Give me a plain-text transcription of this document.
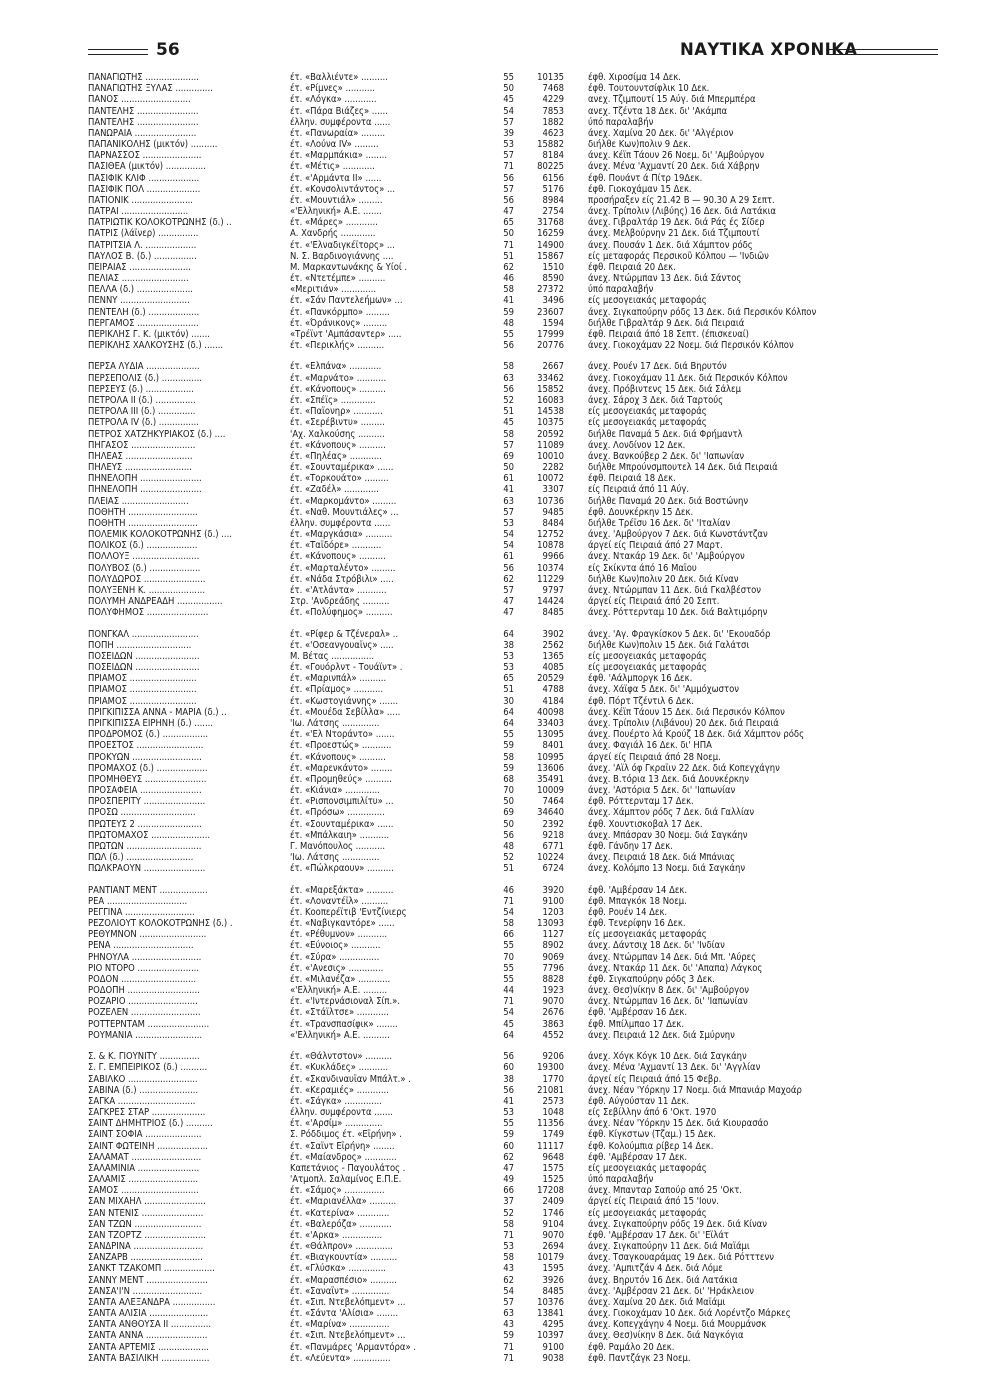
56	ΝΑΥΤΙΚΑ ΧΡΟΝΙΚΑ
ΠΑΝΑΓΙΩΤΗΣ ....................	έτ. «Βαλλιέντε» ..........	55	10135	έφθ. Χιροσίμα 14 Δεκ.
ΠΑΝΑΓΙΩΤΗΣ ΞΥΛΑΣ ..............	έτ. «Ρίμνες» ...........	50	7468	έφθ. Τουτουντσίφλικ 10 Δεκ.
ΠΑΝΟΣ ..........................	έτ. «Λόγκα» ............	45	4229	ανεχ. Τζιμπουτί 15 Αύγ. διά Μπερμπέρα
ΠΑΝΤΕΛΗΣ .......................	έτ. «Πάρα Βιάζες» ......	54	7853	ανεχ. Τζέντα 18 Δεκ. δι' 'Ακάμπα
ΠΑΝΤΕΛΗΣ .......................	έλλην. συμφέροντα ......	57	1882	ύπό παραλαβήν
ΠΑΝΩΡΑΙΑ .......................	έτ. «Πανωραία» .........	39	4623	άνεχ. Χαμίνα 20 Δεκ. δι' 'Αλγέριον
ΠΑΠΑΝΙΚΟΛΗΣ (μικτόν) ..........	έτ. «Λούνα IV» .........	53	15882	διήλθε Κων)πολιν 9 Δεκ.
ΠΑΡΝΑΣΣΟΣ ......................	έτ. «Μαρμπάκια» ........	57	8184	άνεχ. Κέϊπ Τάουν 26 Νοεμ. δι' 'Αμβούργον
ΠΑΣΙΘΕΑ (μικτόν) ...............	έτ. «Μέτις» ............	71	80225	άνεχ. Μένα 'Αχμαντί 20 Δεκ. διά Χάβρην
ΠΑΣΙΦΙΚ ΚΛΙΦ ...................	έτ. «'Αρμάντα ΙΙ» ......	56	6156	έφθ. Πουάντ ά Πίτρ 19Δεκ.
ΠΑΣΙΦΙΚ ΠΟΛ ....................	έτ. «Κονσολιντάντος» ...	57	5176	έφθ. Γιοκοχάμαν 15 Δεκ.
ΠΑΤΙΟΝΙΚ .......................	έτ. «Μουντιάλ» .........	56	8984	προσήραξεν είς 21.42 Β — 90.30 Α 29 Σεπτ.
ΠΑΤΡΑΙ .........................	«'Ελληνική» Α.Ε. .......	47	2754	άνεχ. Τρίπολιν (Λιβύης) 16 Δεκ. διά Λατάκια
ΠΑΤΡΙΩΤΙΚ ΚΟΛΟΚΟΤΡΩΝΗΣ (δ.) ..	έτ. «Μάρες» ............	65	31768	άνεχ. Γιβραλτάρ 19 Δεκ. διά Ράς ές Σίδερ
ΠΑΤΡΙΣ (λάϊνερ) ...............	Α. Χανδρής .............	50	16259	άνεχ. Μελβούρνην 21 Δεκ. διά Τζιμπουτί
ΠΑΤΡΙΤΣΙΑ Λ. ...................	έτ. «'Ελναδιγκέϊτορς» ...	71	14900	άνεχ. Πουσάν 1 Δεκ. διά Χάμπτον ρόδς
ΠΑΥΛΟΣ Β. (δ.) ................	Ν. Σ. Βαρδινογιάννης ....	51	15867	είς μεταφοράς Περσικοῦ Κόλπου — 'Ινδιῶν
ΠΕΙΡΑΙΑΣ .......................	Μ. Μαρκαντωνάκης & Υίοί .	62	1510	έφθ. Πειραιά 20 Δεκ.
ΠΕΛΙΑΣ .........................	έτ. «Ντετέμπε» ..........	46	8590	άνεχ. Ντώρμπαν 13 Δεκ. διά Σάντος
ΠΕΛΛΑ (δ.) .....................	«Μεριτιάν» .............	58	27372	ύπό παραλαβήν
ΠΕΝΝΥ ..........................	έτ. «Σάν Παντελεήμων» ...	41	3496	είς μεσογειακάς μεταφοράς
ΠΕΝΤΕΛΗ (δ.) ...................	έτ. «Πανκόρμπο» .........	59	23607	άνεχ. Σιγκαπούρην ρόδς 13 Δεκ. διά Περσικόν Κόλπον
ΠΕΡΓΑΜΟΣ .......................	έτ. «Όράνικονς» .........	48	1594	διήλθε Γιβραλτάρ 9 Δεκ. διά Πειραιά
ΠΕΡΙΚΛΗΣ Γ. Κ. (μικτόν) .......	«Τρέϊντ 'Αμπάσαντερ» .....	55	17999	έφθ. Πειραιά άπό 18 Σεπτ. (έπισκευαί)
ΠΕΡΙΚΛΗΣ ΧΑΛΚΟΥΣΗΣ (δ.) .......	έτ. «Περικλής» ..........	56	20776	άνεχ. Γιοκοχάμαν 22 Νοεμ. διά Περσικόν Κόλπον
ΠΕΡΣΑ ΛΥΔΙΑ ....................	έτ. «Ελπάνα» ............	58	2667	άνεχ. Ρουέν 17 Δεκ. διά Βηρυτόν
ΠΕΡΣΕΠΟΛΙΣ (δ.) ...............	έτ. «Μαρνάτο» ...........	63	33462	άνεχ. Γιοκοχάμαν 11 Δεκ. διά Περσικόν Κόλπον
ΠΕΡΣΕΥΣ (δ.) ..................	έτ. «Κάνοπους» ..........	56	15852	άνεχ. Πρόβιντενς 15 Δεκ. διά Σάλεμ
ΠΕΤΡΟΛΑ ΙΙ (δ.) ...............	έτ. «Σπέϊς» .............	52	16083	άνεχ. Σάροχ 3 Δεκ. διά Ταρτούς
ΠΕΤΡΟΛΑ ΙΙΙ (δ.) ..............	έτ. «Παϊονηρ» ...........	51	14538	είς μεσογειακάς μεταφοράς
ΠΕΤΡΟΛΑ ΙV (δ.) ...............	έτ. «Σερέβιντυ» .........	45	10375	είς μεσογειακάς μεταφοράς
ΠΕΤΡΟΣ ΧΑΤΖΗΚΥΡΙΑΚΟΣ (δ.) ....	'Αχ. Χαλκούσης ..........	58	20592	διήλθε Παναμά 5 Δεκ. διά Φρήμαντλ
ΠΗΓΑΣΟΣ ........................	έτ. «Κάνοπους» ..........	57	11089	άνεχ. Λονδίνον 12 Δεκ.
ΠΗΛΕΑΣ .........................	έτ. «Πηλέας» ............	69	10010	άνεχ. Βανκούβερ 2 Δεκ. δι' 'Ιαπωνίαν
ΠΗΛΕΥΣ .........................	έτ. «Σουνταμέρικα» ......	50	2282	διήλθε Μπρούνσμπουτελ 14 Δεκ. διά Πειραιά
ΠΗΝΕΛΟΠΗ .......................	έτ. «Τορκουάτο» .........	61	10072	έφθ. Πειραιά 18 Δεκ.
ΠΗΝΕΛΟΠΗ .......................	έτ. «Ζαδέλ» .............	41	3307	είς Πειραιά άπό 11 Αύγ.
ΠΛΕΙΑΣ .........................	έτ. «Μαρκομάντο» .........	63	10736	διήλθε Παναμά 20 Δεκ. διά Βοστώνην
ΠΟΘΗΤΗ ..........................	έτ. «Ναθ. Μουντιάλες» ...	57	9485	έφθ. Δουνκέρκην 15 Δεκ.
ΠΟΘΗΤΗ ..........................	έλλην. συμφέροντα ......	53	8484	διήλθε Τρέϊσυ 16 Δεκ. δι' 'Ιταλίαν
ΠΟΛΕΜΙΚ ΚΟΛΟΚΟΤΡΩΝΗΣ (δ.) ....	έτ. «Μαργκάσια» ..........	54	12752	άνεχ. 'Αμβούργον 7 Δεκ. διά Κωνστάντζαν
ΠΟΛΙΚΟΣ (δ.) ...................	έτ. «Ταϊδόρε» ...........	54	10878	άργεί είς Πειραιά άπό 27 Μαρτ.
ΠΟΛΛΟΥΞ .........................	έτ. «Κάνοπους» ..........	61	9966	άνεχ. Ντακάρ 19 Δεκ. δι' 'Αμβούργον
ΠΟΛΥΒΟΣ (δ.) ...................	έτ. «Μαρταλέντο» .........	56	10374	είς Σκίκντα άπό 16 Μαΐου
ΠΟΛΥΔΩΡΟΣ .......................	έτ. «Νάδα Στρόβιλι» .....	62	11229	διήλθε Κων)πολιν 20 Δεκ. διά Κίναν
ΠΟΛΥΞΕΝΗ Κ. .....................	έτ. «'Ατλάντα» ...........	57	9797	άνεχ. Ντώρμπαν 11 Δεκ. διά Γκαλβέστον
ΠΟΛΥΜΗ ΑΝΔΡΕΑΔΗ .................	Στρ. 'Ανδρεάδης ..........	47	14424	άργεί είς Πειραιά άπό 20 Σεπτ.
ΠΟΛΥΦΗΜΟΣ .......................	έτ. «Πολύφημος» ..........	47	8485	άνεχ. Ρόττερνταμ 10 Δεκ. διά Βαλτιμόρην
ΠΟΝΓΚΑΛ .........................	έτ. «Ρίφερ & Τζένεραλ» ..	64	3902	άνεχ. 'Αγ. Φραγκίσκον 5 Δεκ. δι' 'Εκουαδόρ
ΠΟΠΗ ............................	έτ. «'Οσεανγουαϊνς» .....	38	2562	διήλθε Κων)πολιν 15 Δεκ. διά Γαλάτσι
ΠΟΣΕΙΔΩΝ ........................	Μ. Βέτας ................	53	1365	είς μεσογειακάς μεταφοράς
ΠΟΣΕΙΔΩΝ ........................	έτ. «Γουόρλντ - Τουάϊντ» .	53	4085	είς μεσογειακάς μεταφοράς
ΠΡΙΑΜΟΣ .........................	έτ. «Μαρινπάλ» ..........	65	20529	έφθ. 'Αάλμποργκ 16 Δεκ.
ΠΡΙΑΜΟΣ .........................	έτ. «Πρίαμος» ...........	51	4788	άνεχ. Χάϊφα 5 Δεκ. δι' 'Αμμόχωστον
ΠΡΙΑΜΟΣ .........................	έτ. «Κωστογιάννης» .......	30	4184	έφθ. Πόρτ Τζέντιλ 6 Δεκ.
ΠΡΙΓΚΙΠΙΣΣΑ ΑΝΝΑ - ΜΑΡΙΑ (δ.) ..	έτ. «Μουέδα Σεβίλλα» .....	64	40098	άνεχ. Κέϊπ Τάουν 15 Δεκ. διά Περσικόν Κόλπον
ΠΡΙΓΚΙΠΙΣΣΑ ΕΙΡΗΝΗ (δ.) .......	'Ιω. Λάτσης ..............	64	33403	άνεχ. Τρίπολιν (Λιβάνου) 20 Δεκ. διά Πειραιά
ΠΡΟΔΡΟΜΟΣ (δ.) .................	έτ. «'Ελ Ντοράντο» .......	55	13095	άνεχ. Πουέρτο λά Κρούζ 18 Δεκ. διά Χάμπτον ρόδς
ΠΡΟΕΣΤΟΣ .........................	έτ. «Προεστώς» ...........	59	8401	άνεχ. Φαγιάλ 16 Δεκ. δι' ΗΠΑ
ΠΡΟΚΥΩΝ ..........................	έτ. «Κάνοπους» ..........	58	10995	άργεί είς Πειραιά άπό 28 Νοεμ.
ΠΡΟΜΑΧΟΣ (δ.) ...................	έτ. «Μαρενκάντο» ........	59	13606	άνεχ. 'Αϊλ όφ Γκραϊιν 22 Δεκ. διά Κοπεγχάγην
ΠΡΟΜΗΘΕΥΣ .......................	έτ. «Προμηθεύς» ..........	68	35491	άνεχ. Β.τόρια 13 Δεκ. διά Δουνκέρκην
ΠΡΟΣΑΦΕΙΑ .......................	έτ. «Κιάνια» .............	70	10009	άνεχ. 'Αστόρια 5 Δεκ. δι' 'Ιαπωνίαν
ΠΡΟΣΠΕΡΙΤΥ .......................	έτ. «Ρισπονσιμπιλίτυ» ...	50	7464	έφθ. Ρόττερνταμ 17 Δεκ.
ΠΡΟΣΩ ............................	έτ. «Πρόσω» ..............	69	34640	άνεχ. Χάμπτον ρόδς 7 Δεκ. διά Γαλλίαν
ΠΡΩΤΕΥΣ 2 ........................	έτ. «Σουνταμέρικα» ......	50	2392	έφθ. Χουντισκοβαλ 17 Δεκ.
ΠΡΩΤΟΜΑΧΟΣ ......................	έτ. «Μπάλκαιη» ...........	56	9218	άνεχ. Μπάσραν 30 Νοεμ. διά Σαγκάην
ΠΡΩΤΩΝ ............................	Γ. Μανόπουλος ...........	48	6771	έφθ. Γάνδην 17 Δεκ.
ΠΩΛ (δ.) .........................	'Ιω. Λάτσης ..............	52	10224	άνεχ. Πειραιά 18 Δεκ. διά Μπάνιας
ΠΩΛΚΡΑΟΥΝ .......................	έτ. «Πώλκραουν» ..........	51	6724	άνεχ. Κολόμπο 13 Νοεμ. διά Σαγκάην
ΡΑΝΤΙΑΝΤ ΜΕΝΤ ..................	έτ. «Μαρεξάκτα» ..........	46	3920	έφθ. 'Αμβέρσαν 14 Δεκ.
ΡΕΑ ..............................	έτ. «Λοναντέϊλ» ..........	71	9100	έφθ. Μπαγκόκ 18 Νοεμ.
ΡΕΓΓΙΝΑ ..........................	έτ. Κοοπερέϊτιβ 'Εντζίνιερς	54	1203	έφθ. Ρουέν 14 Δεκ.
ΡΕΖΟΛΙΟΥΤ ΚΟΛΟΚΟΤΡΩΝΗΣ (δ.) .	έτ. «Ναβιγκαντόρε» ......	58	13093	έφθ. Τενερίφην 16 Δεκ.
ΡΕΘΥΜΝΟΝ .........................	έτ. «Ρέθυμνον» ...........	66	1127	είς μεσογειακάς μεταφοράς
ΡΕΝΑ ..............................	έτ. «Εύνοιος» ...........	55	8902	άνεχ. Δάντσιχ 18 Δεκ. δι' 'Ινδίαν
ΡΗΝΟΥΛΑ ..........................	έτ. «Σύρα» ...............	70	9069	άνεχ. Ντώρμπαν 14 Δεκ. διά Μπ. 'Αύρες
ΡΙΟ ΝΤΟΡΟ .......................	έτ. «'Ανεσις» .............	55	7796	άνεχ. Ντακάρ 11 Δεκ. δι' 'Απαπα) Λάγκος
ΡΟΔΟΝ ............................	έτ. «Μιλανέζα» ............	55	8828	έφθ. Σιγκαπούρην ρόδς 3 Δεκ.
ΡΟΔΟΠΗ ...........................	«'Ελληνική» Α.Ε. .........	44	1923	άνεχ. Θεσ)νίκην 8 Δεκ. δι' 'Αμβούργον
ΡΟΖΑΡΙΟ ..........................	έτ. «'Ιντερνάσιοναλ Σίπ.».	71	9070	άνεχ. Ντώρμπαν 16 Δεκ. δι' 'Ιαπωνίαν
ΡΟΖΕΛΕΝ ..........................	έτ. «Στάϊλτσε» ............	54	2676	έφθ. 'Αμβέρσαν 16 Δεκ.
ΡΟΤΤΕΡΝΤΑΜ .......................	έτ. «Τρανσπασίφικ» ........	45	3863	έφθ. Μπίλμπαο 17 Δεκ.
ΡΟΥΜΑΝΙΑ .........................	«'Ελληνική» Α.Ε. ..........	64	4552	άνεχ. Πειραιά 12 Δεκ. διά Σμύρνην
Σ. & Κ. ΓΙΟΥΝΙΤΥ ...............	έτ. «Θάλντστον» ..........	56	9206	άνεχ. Χόγκ Κόγκ 10 Δεκ. διά Σαγκάην
Σ. Γ. ΕΜΠΕΙΡΙΚΟΣ (δ.) ..........	έτ. «Κυκλάδες» ...........	60	19300	άνεχ. Μένα 'Αχμαντί 13 Δεκ. δι' 'Αγγλίαν
ΣΑΒΙΛΚΟ ..........................	έτ. «Σκανδιναυΐαν Μπάλτ.» .	38	1770	άργεί είς Πειραιά άπό 15 Φεβρ.
ΣΑΒΙΝΑ (δ.) ......................	έτ. «Κεραμιές» ............	56	21081	άνεχ. Νέαν 'Υόρκην 17 Νοεμ. διά Μπανιάρ Μαχοάρ
ΣΑΓΚΑ .............................	έτ. «Σάγκα» ..............	41	2573	έφθ. Αύγούσταν 11 Δεκ.
ΣΑΓΚΡΕΣ ΣΤΑΡ ....................	έλλην. συμφέροντα .......	53	1048	είς Σεβίλλην άπό 6 'Οκτ. 1970
ΣΑΙΝΤ ΔΗΜΗΤΡΙΟΣ (δ.) ..........	έτ. «'Αρσίμ» ..............	55	11356	άνεχ. Νέαν 'Υόρκην 15 Δεκ. διά Κιουρασάο
ΣΑΙΝΤ ΣΟΦΙΑ .....................	Σ. Ρόδδιμος έτ. «Εΐρήνη» .	59	1749	έφθ. Κίγκστων (Τζαμ.) 15 Δεκ.
ΣΑΙΝΤ ΦΩΤΕΙΝΗ ...................	έτ. «Σαϊντ Εΐρήνη» ........	60	11117	έφθ. Κολούμπια ρίβερ 14 Δεκ.
ΣΑΛΑΜΑΤ ..........................	έτ. «Μαίανδρος» ............	62	9648	έφθ. 'Αμβέρσαν 17 Δεκ.
ΣΑΛΑΜΙΝΙΑ .......................	Καπετάνιος - Παγουλάτος .	47	1575	είς μεσογειακάς μεταφοράς
ΣΑΛΑΜΙΣ ..........................	'Ατμοπλ. Σαλαμίνος Ε.Π.Ε.	49	1525	ύπό παραλαβήν
ΣΑΜΟΣ .............................	έτ. «Σάμος» ...............	66	17208	άνεχ. Μπανταρ Σαπούρ από 25 'Οκτ.
ΣΑΝ ΜΙΧΑΗΛ .......................	έτ. «Μαριανέλλα» ..........	37	2409	άργεί είς Πειραιά άπό 15 'Ιουν.
ΣΑΝ ΝΤΕΝΙΣ .......................	έτ. «Κατερίνα» ............	52	1746	είς μεσογειακάς μεταφοράς
ΣΑΝ ΤΖΩΝ .........................	έτ. «Βαλερόζα» ............	58	9104	άνεχ. Σιγκαπούρην ρόδς 19 Δεκ. διά Κίναν
ΣΑΝ ΤΖΟΡΤΖ .......................	έτ. «'Αρκα» ...............	71	9070	έφθ. 'Αμβέρσαν 17 Δεκ. δι' 'Εϊλάτ
ΣΑΝΔΡΙΝΑ ..........................	έτ. «Θάλπρον» ..............	53	2694	άνεχ. Σιγκαπούρην 11 Δεκ. διά Μαϊάμι
ΣΑΝΖΑΡΒ ...........................	έτ. «Βιαγκουντία» ..........	58	10179	άνεχ. Τσαγκουαράμας 19 Δεκ. διά Ρότττενν
ΣΑΝΚΤ ΤΖΑΚΟΜΠ ...................	έτ. «Γλύσκα» ..............	43	1595	άνεχ. 'Αμπιτζάν 4 Δεκ. διά Λόμε
ΣΑΝΝΥ ΜΕΝΤ .......................	έτ. «Μαρασπέσιο» ..........	62	3926	άνεχ. Βηρυτόν 16 Δεκ. διά Λατάκια
ΣΑΝΣΑ'Ι'Ν ..........................	έτ. «Σαναΐντ» ..............	54	8485	άνεχ. 'Αμβέρσαν 21 Δεκ. δι' 'Ηράκλειον
ΣΑΝΤΑ ΑΛΕΞΑΝΔΡΑ ................	έτ. «Σιπ. Ντεβελόπμεντ» ...	57	10376	άνεχ. Χαμίνα 20 Δεκ. διά Μαϊάμι
ΣΑΝΤΑ ΑΛΙΣΙΑ ......................	έτ. «Σάντα 'Αλίσια» ........	63	13841	άνεχ. Γιοκοχάμαν 10 Δεκ. διά Λορέντζο Μάρκες
ΣΑΝΤΑ ΑΝΘΟΥΣΑ ΙΙ ...............	έτ. «Μαρίνα» ...............	43	4295	άνεχ. Κοπεγχάγην 4 Νοεμ. διά Μουρμάνσκ
ΣΑΝΤΑ ΑΝΝΑ .......................	έτ. «Σιπ. Ντεβελόπμεντ» ...	59	10397	άνεχ. Θεσ)νίκην 8 Δεκ. διά Ναγκόγια
ΣΑΝΤΑ ΑΡΤΕΜΙΣ ...................	έτ. «Πανμάρες 'Αρμαντόρα» .	71	9100	έφθ. Ραμάλο 20 Δεκ.
ΣΑΝΤΑ ΒΑΣΙΛΙΚΗ ..................	έτ. «Λεύεντα» ..............	71	9038	έφθ. Παντζάγκ 23 Νοεμ.
